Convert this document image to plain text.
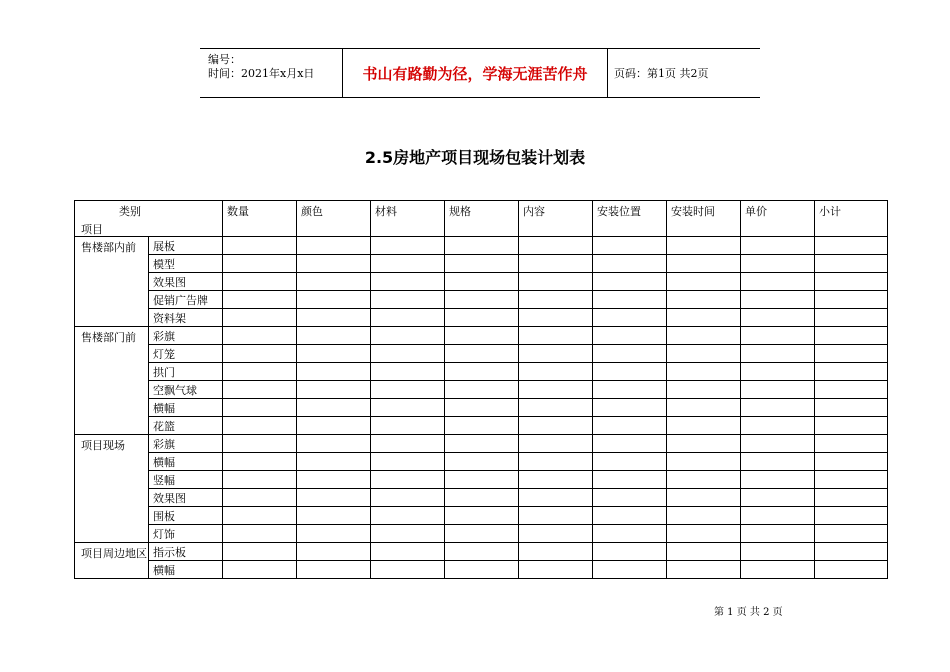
编号：
时间：2021年x月x日	书山有路勤为径，学海无涯苦作舟	页码：第1页 共2页
2.5房地产项目现场包装计划表
类别
项目		数量	颜色	材料	规格	内容	安装位置	安装时间	单价	小计
售楼部内前	展板									
	模型									
	效果图									
	促销广告牌									
	资料架									
售楼部门前	彩旗									
	灯笼									
	拱门									
	空飘气球									
	横幅									
	花篮									
项目现场	彩旗									
	横幅									
	竖幅									
	效果图									
	围板									
	灯饰									
项目周边地区	指示板									
	横幅									
第 1 页 共 2 页
